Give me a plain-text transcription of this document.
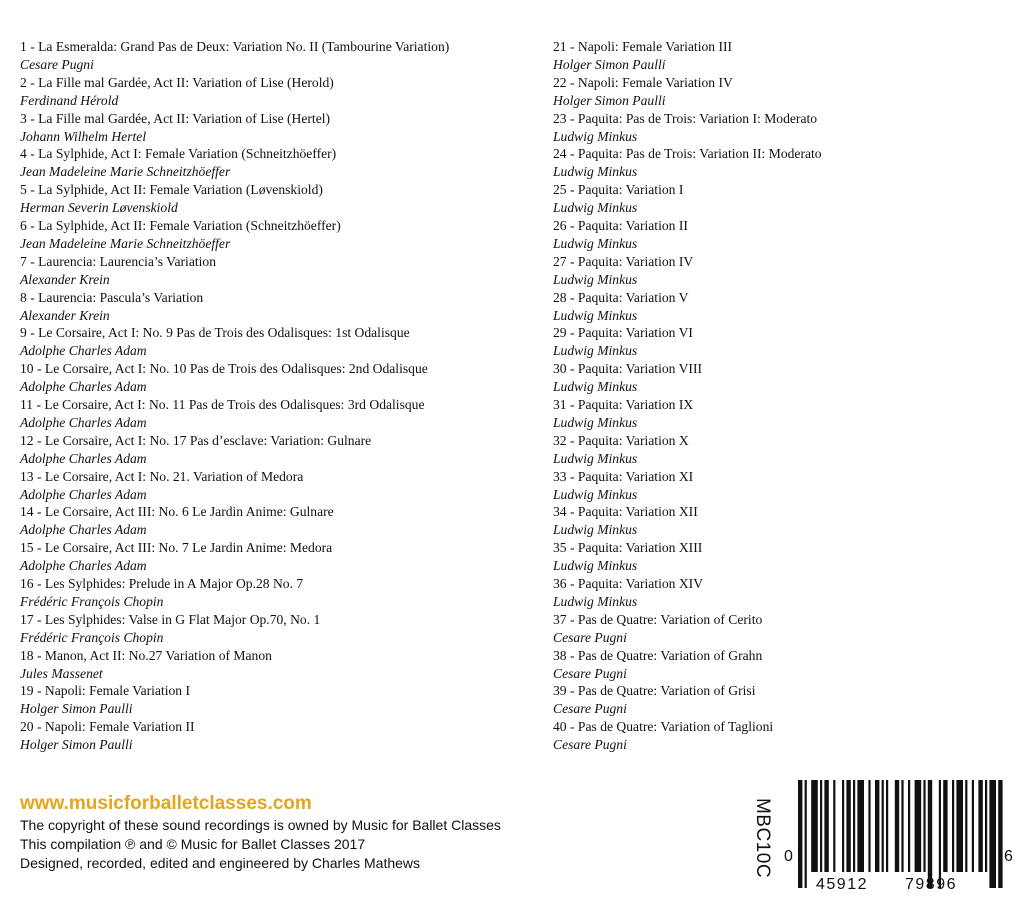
1 - La Esmeralda: Grand Pas de Deux: Variation No. II (Tambourine Variation)
Cesare Pugni
2 - La Fille mal Gardée, Act II: Variation of Lise (Herold)
Ferdinand Hérold
3 - La Fille mal Gardée, Act II: Variation of Lise (Hertel)
Johann Wilhelm Hertel
4 - La Sylphide, Act I: Female Variation (Schneitzhöeffer)
Jean Madeleine Marie Schneitzhöeffer
5 - La Sylphide, Act II: Female Variation (Løvenskiold)
Herman Severin Løvenskiold
6 - La Sylphide, Act II: Female Variation (Schneitzhöeffer)
Jean Madeleine Marie Schneitzhöeffer
7 - Laurencia: Laurencia’s Variation
Alexander Krein
8 - Laurencia: Pascula’s Variation
Alexander Krein
9 - Le Corsaire, Act I: No. 9 Pas de Trois des Odalisques: 1st Odalisque
Adolphe Charles Adam
10 - Le Corsaire, Act I: No. 10 Pas de Trois des Odalisques: 2nd Odalisque
Adolphe Charles Adam
11 - Le Corsaire, Act I: No. 11 Pas de Trois des Odalisques: 3rd Odalisque
Adolphe Charles Adam
12 - Le Corsaire, Act I: No. 17 Pas d’esclave: Variation: Gulnare
Adolphe Charles Adam
13 - Le Corsaire, Act I: No. 21. Variation of Medora
Adolphe Charles Adam
14 - Le Corsaire, Act III: No. 6 Le Jardin Anime: Gulnare
Adolphe Charles Adam
15 - Le Corsaire, Act III: No. 7 Le Jardin Anime: Medora
Adolphe Charles Adam
16 - Les Sylphides: Prelude in A Major Op.28 No. 7
Frédéric François Chopin
17 - Les Sylphides: Valse in G Flat Major Op.70, No. 1
Frédéric François Chopin
18 - Manon, Act II: No.27 Variation of Manon
Jules Massenet
19 - Napoli: Female Variation I
Holger Simon Paulli
20 - Napoli: Female Variation II
Holger Simon Paulli
21 - Napoli: Female Variation III
Holger Simon Paulli
22 - Napoli: Female Variation IV
Holger Simon Paulli
23 - Paquita: Pas de Trois: Variation I: Moderato
Ludwig Minkus
24 - Paquita: Pas de Trois: Variation II: Moderato
Ludwig Minkus
25 - Paquita: Variation I
Ludwig Minkus
26 - Paquita: Variation II
Ludwig Minkus
27 - Paquita: Variation IV
Ludwig Minkus
28 - Paquita: Variation V
Ludwig Minkus
29 - Paquita: Variation VI
Ludwig Minkus
30 - Paquita: Variation VIII
Ludwig Minkus
31 - Paquita: Variation IX
Ludwig Minkus
32 - Paquita: Variation X
Ludwig Minkus
33 - Paquita: Variation XI
Ludwig Minkus
34 - Paquita: Variation XII
Ludwig Minkus
35 - Paquita: Variation XIII
Ludwig Minkus
36 - Paquita: Variation XIV
Ludwig Minkus
37 - Pas de Quatre: Variation of Cerito
Cesare Pugni
38 - Pas de Quatre: Variation of Grahn
Cesare Pugni
39 - Pas de Quatre: Variation of Grisi
Cesare Pugni
40 - Pas de Quatre: Variation of Taglioni
Cesare Pugni
www.musicforballetclasses.com
The copyright of these sound recordings is owned by Music for Ballet Classes
This compilation ℗ and © Music for Ballet Classes 2017
Designed, recorded, edited and engineered by Charles Mathews	MBC10C 0
45912 79896
6
